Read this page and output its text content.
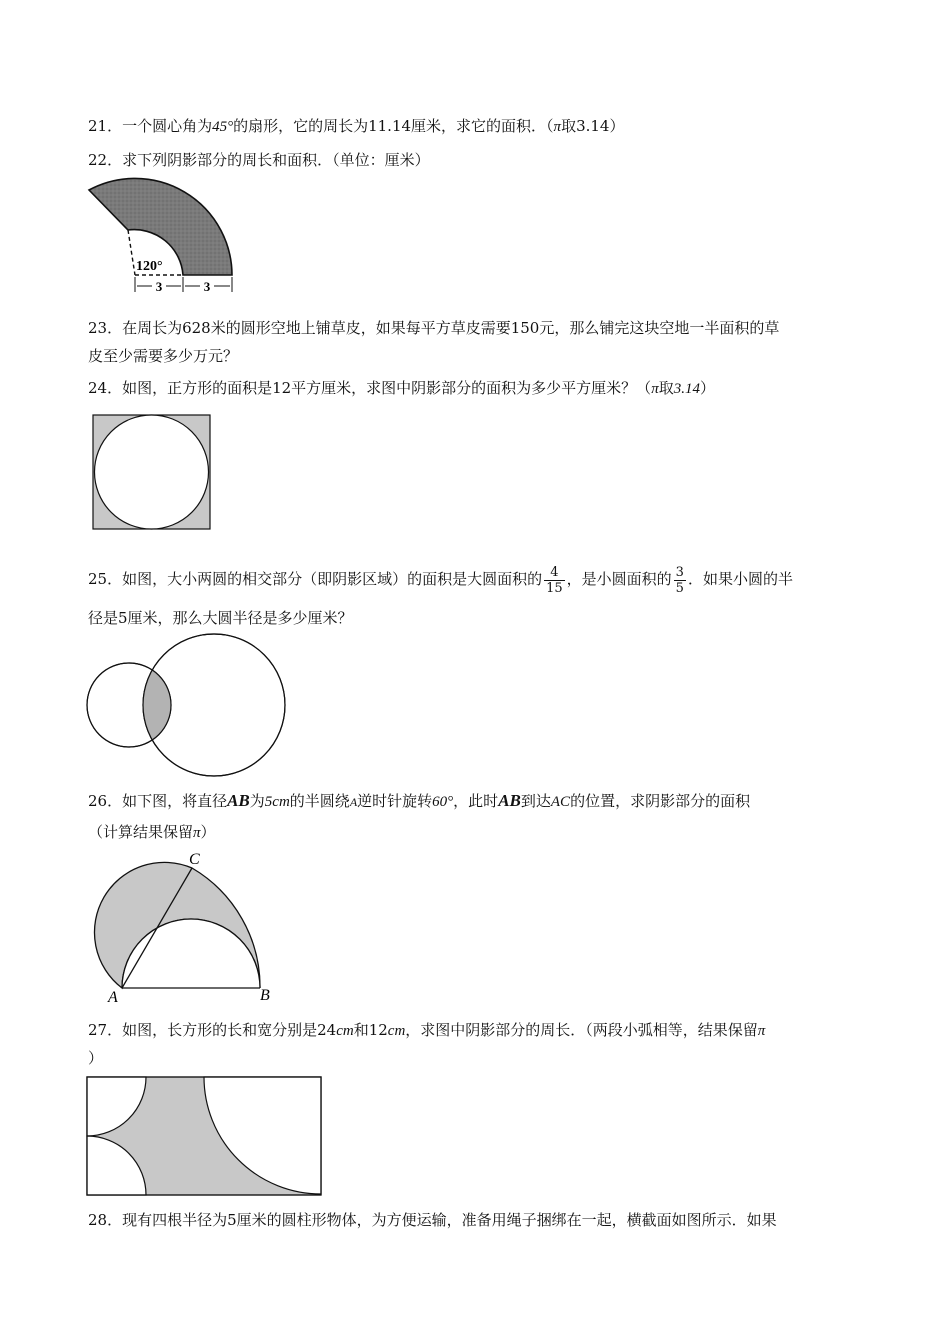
21．一个圆心角为45°的扇形，它的周长为11.14厘米，求它的面积．（π取3.14）
22．求下列阴影部分的周长和面积．（单位：厘米）
120°
3	3
23．在周长为628米的圆形空地上铺草皮，如果每平方草皮需要150元，那么铺完这块空地一半面积的草
皮至少需要多少万元？
24．如图，正方形的面积是12平方厘米，求图中阴影部分的面积为多少平方厘米？（π取3.14）
25．如图，大小两圆的相交部分（即阴影区域）的面积是大圆面积的 $\frac{4}{15}$ ，是小圆面积的 $\frac{3}{5}$ ．如果小圆的半
径是5厘米，那么大圆半径是多少厘米？
26．如下图，将直径AB为5cm的半圆绕A逆时针旋转60°，此时AB到达AC的位置，求阴影部分的面积
（计算结果保留π）
A	B
C
27．如图，长方形的长和宽分别是24cm和12cm，求图中阴影部分的周长．（两段小弧相等，结果保留π
）
28．现有四根半径为5厘米的圆柱形物体，为方便运输，准备用绳子捆绑在一起，横截面如图所示．如果
